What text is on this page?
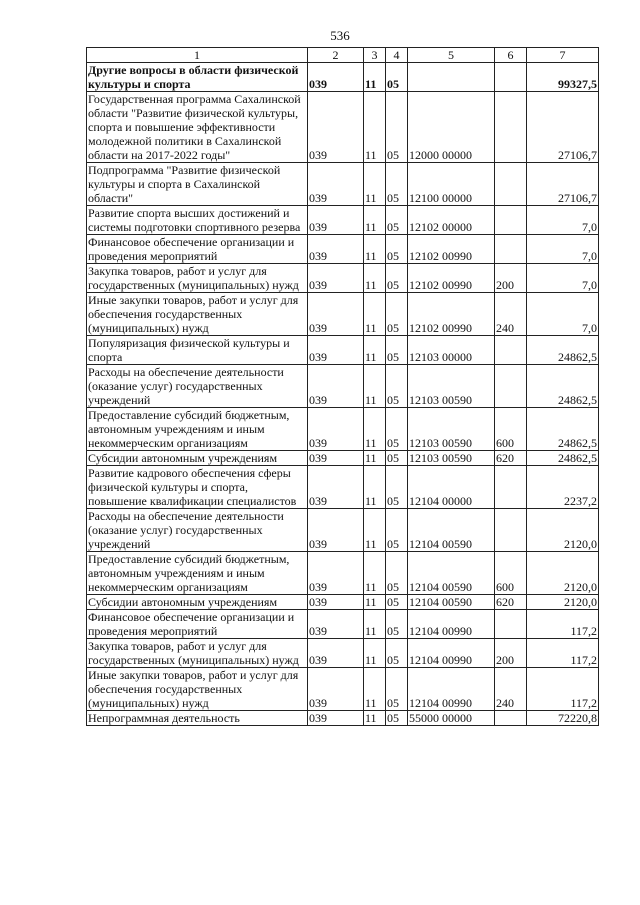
536
1	2	3	4	5	6	7
Другие вопросы в области физической культуры и спорта	039	11	05			99327,5
Государственная программа Сахалинской области "Развитие физической культуры, спорта и повышение эффективности молодежной политики в Сахалинской области на 2017-2022 годы"	039	11	05	12000 00000		27106,7
Подпрограмма "Развитие физической культуры и спорта в Сахалинской области"	039	11	05	12100 00000		27106,7
Развитие спорта высших достижений и системы подготовки спортивного резерва	039	11	05	12102 00000		7,0
Финансовое обеспечение организации и проведения мероприятий	039	11	05	12102 00990		7,0
Закупка товаров, работ и услуг для государственных (муниципальных) нужд	039	11	05	12102 00990	200	7,0
Иные закупки товаров, работ и услуг для обеспечения государственных (муниципальных) нужд	039	11	05	12102 00990	240	7,0
Популяризация физической культуры и спорта	039	11	05	12103 00000		24862,5
Расходы на обеспечение деятельности (оказание услуг) государственных учреждений	039	11	05	12103 00590		24862,5
Предоставление субсидий бюджетным, автономным учреждениям и иным некоммерческим организациям	039	11	05	12103 00590	600	24862,5
Субсидии автономным учреждениям	039	11	05	12103 00590	620	24862,5
Развитие кадрового обеспечения сферы физической культуры и спорта, повышение квалификации специалистов	039	11	05	12104 00000		2237,2
Расходы на обеспечение деятельности (оказание услуг) государственных учреждений	039	11	05	12104 00590		2120,0
Предоставление субсидий бюджетным, автономным учреждениям и иным некоммерческим организациям	039	11	05	12104 00590	600	2120,0
Субсидии автономным учреждениям	039	11	05	12104 00590	620	2120,0
Финансовое обеспечение организации и проведения мероприятий	039	11	05	12104 00990		117,2
Закупка товаров, работ и услуг для государственных (муниципальных) нужд	039	11	05	12104 00990	200	117,2
Иные закупки товаров, работ и услуг для обеспечения государственных (муниципальных) нужд	039	11	05	12104 00990	240	117,2
Непрограммная деятельность	039	11	05	55000 00000		72220,8
